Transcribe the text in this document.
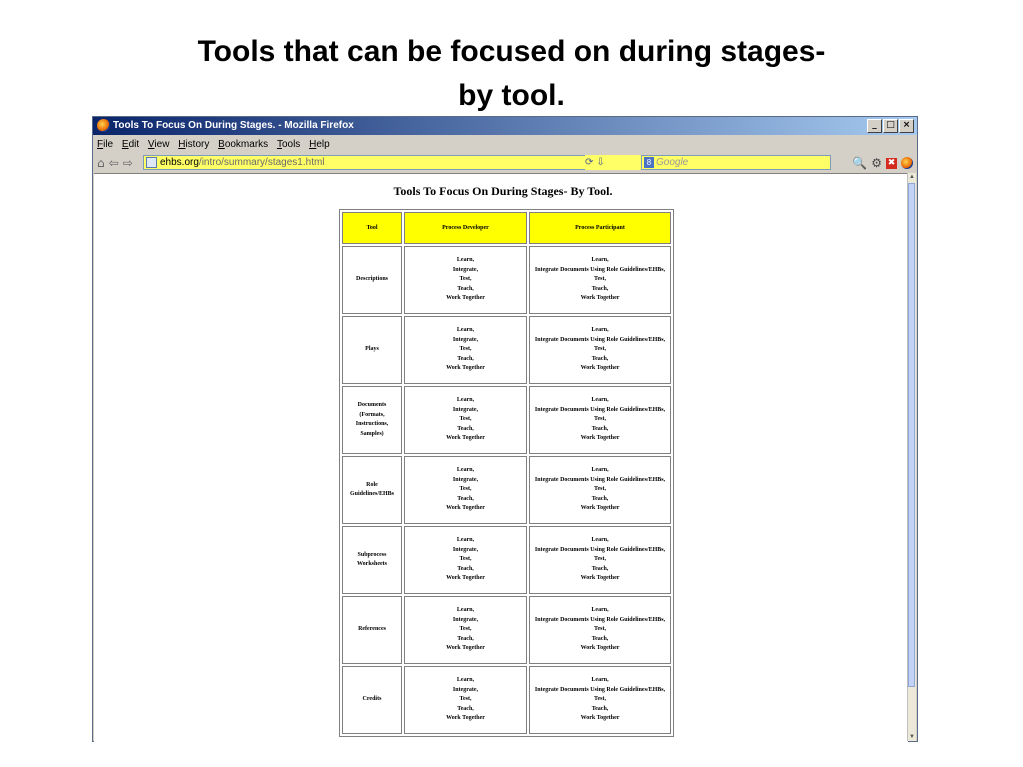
Tools that can be focused on during stages-
by tool.
Tools To Focus On During Stages. - Mozilla Firefox	_	□ ×
File Edit View History Bookmarks Tools Help
⌂ ⇦ ⇨	ehbs.org/intro/summary/stages1.html	⟳ ⇩	8 Google	🔍 ⚙ ✖
Tools To Focus On During Stages- By Tool.
Tool	Process Developer	Process Participant

Descriptions	Learn,
Integrate,
Test,
Teach,
Work Together	Learn,
Integrate Documents Using Role Guidelines/EHBs,
Test,
Teach,
Work Together

Plays	Learn,
Integrate,
Test,
Teach,
Work Together	Learn,
Integrate Documents Using Role Guidelines/EHBs,
Test,
Teach,
Work Together

Documents
(Formats,
Instructions,
Samples)	Learn,
Integrate,
Test,
Teach,
Work Together	Learn,
Integrate Documents Using Role Guidelines/EHBs,
Test,
Teach,
Work Together

Role
Guidelines/EHBs	Learn,
Integrate,
Test,
Teach,
Work Together	Learn,
Integrate Documents Using Role Guidelines/EHBs,
Test,
Teach,
Work Together

Subprocess
Worksheets	Learn,
Integrate,
Test,
Teach,
Work Together	Learn,
Integrate Documents Using Role Guidelines/EHBs,
Test,
Teach,
Work Together

References	Learn,
Integrate,
Test,
Teach,
Work Together	Learn,
Integrate Documents Using Role Guidelines/EHBs,
Test,
Teach,
Work Together

Credits	Learn,
Integrate,
Test,
Teach,
Work Together	Learn,
Integrate Documents Using Role Guidelines/EHBs,
Test,
Teach,
Work Together
▲
▼
